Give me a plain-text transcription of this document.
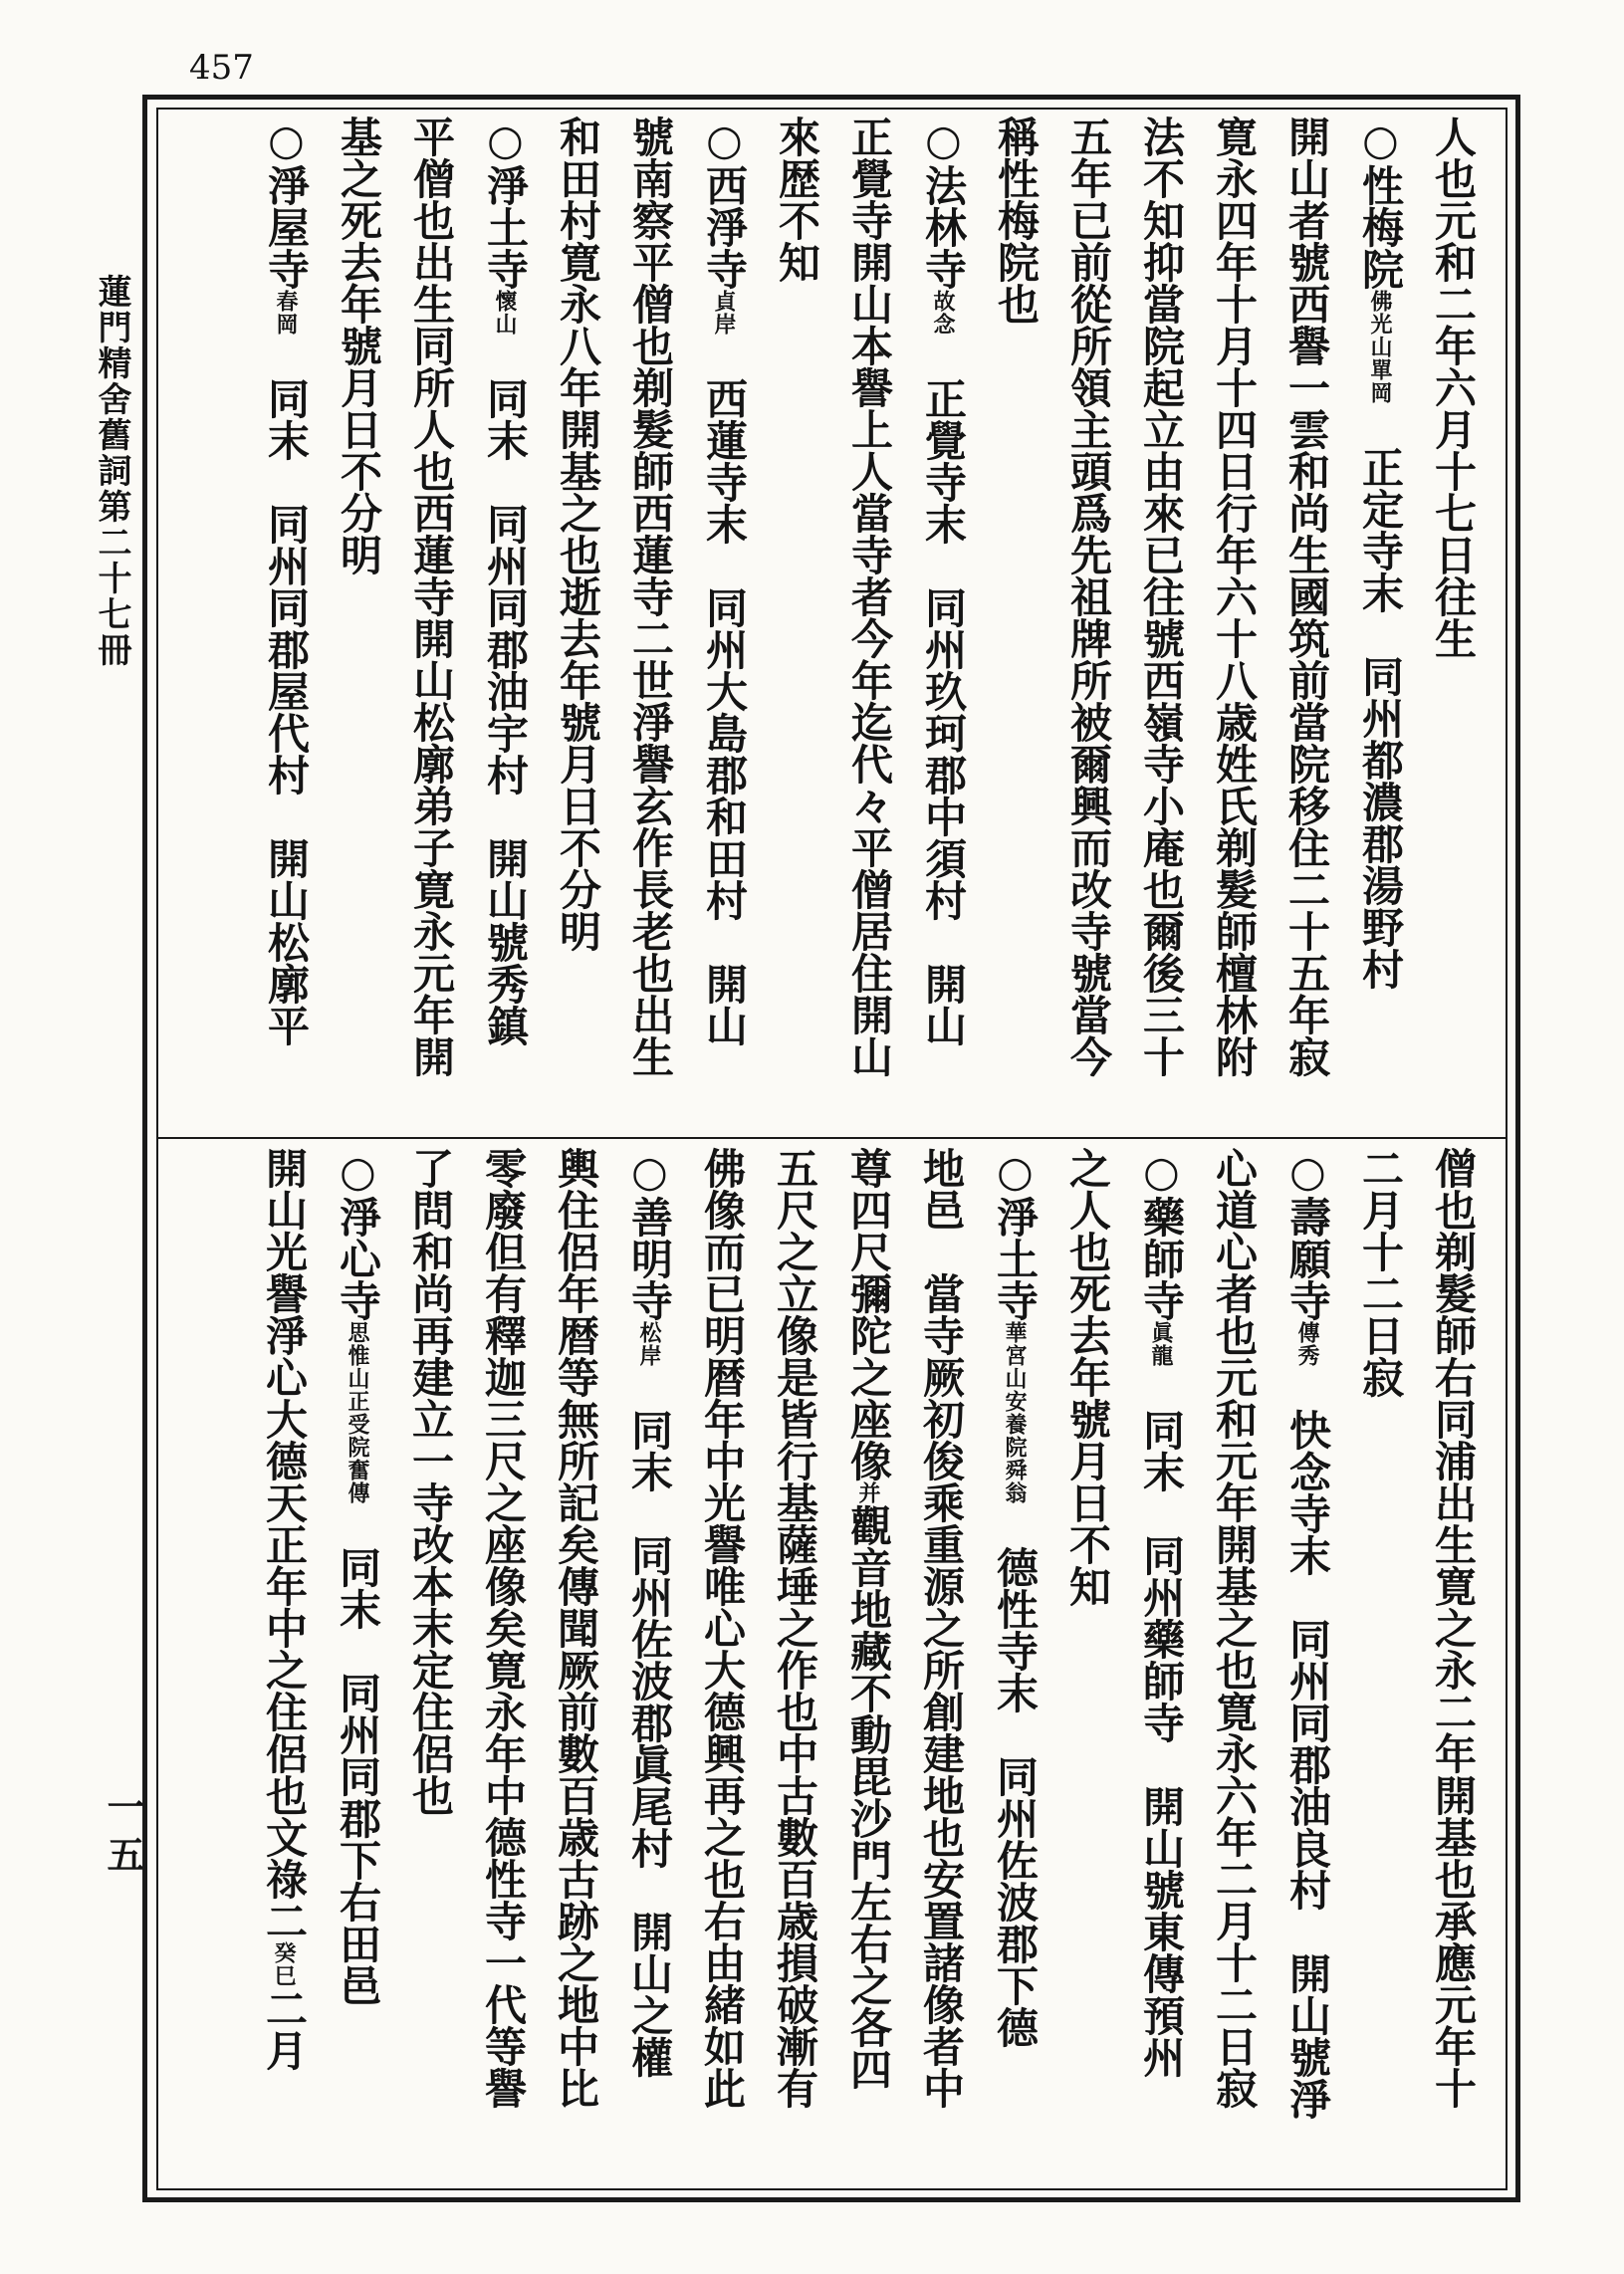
457
蓮門精舍舊詞第二十七冊
一五
人也元和二年六月十七日往生
○性梅院佛光山單岡正定寺末同州都濃郡湯野村
開山者號西譽一雲和尚生國筑前當院移住二十五年寂
寛永四年十月十四日行年六十八歳姓氏剃髮師檀林附
法不知抑當院起立由來已往號西嶺寺小庵也爾後三十
五年已前從所領主頭爲先祖牌所被爾興而改寺號當今
稱性梅院也
○法林寺故念正覺寺末同州玖珂郡中須村開山
正覺寺開山本譽上人當寺者今年迄代々平僧居住開山
來歴不知
○西淨寺貞岸西蓮寺末同州大島郡和田村開山
號南察平僧也剃髮師西蓮寺二世淨譽玄作長老也出生
和田村寛永八年開基之也逝去年號月日不分明
○淨土寺懷山同末同州同郡油宇村開山號秀鎮
平僧也出生同所人也西蓮寺開山松廓弟子寛永元年開
基之死去年號月日不分明
○淨屋寺春岡同末同州同郡屋代村開山松廓平
僧也剃髮師右同浦出生寛之永二年開基也承應元年十
二月十二日寂
○壽願寺傳秀快念寺末同州同郡油良村開山號淨
心道心者也元和元年開基之也寛永六年二月十二日寂
○藥師寺眞龍同末同州藥師寺開山號東傳預州
之人也死去年號月日不知
○淨土寺華宮山安養院舜翁德性寺末同州佐波郡下德
地邑　當寺厥初俊乘重源之所創建地也安置諸像者中
尊四尺彌陀之座像并觀音地藏不動毘沙門左右之各四
五尺之立像是皆行基薩埵之作也中古數百歳損破漸有
佛像而已明暦年中光譽唯心大德興再之也右由緒如此
○善明寺松岸同末同州佐波郡眞尾村開山之權
輿住侶年暦等無所記矣傳聞厥前數百歳古跡之地中比
零廢但有釋迦三尺之座像矣寛永年中德性寺一代等譽
了問和尚再建立一寺改本末定住侶也
○淨心寺思惟山正受院奮傳同末同州同郡下右田邑
開山光譽淨心大德天正年中之住侶也文祿二癸巳二月
